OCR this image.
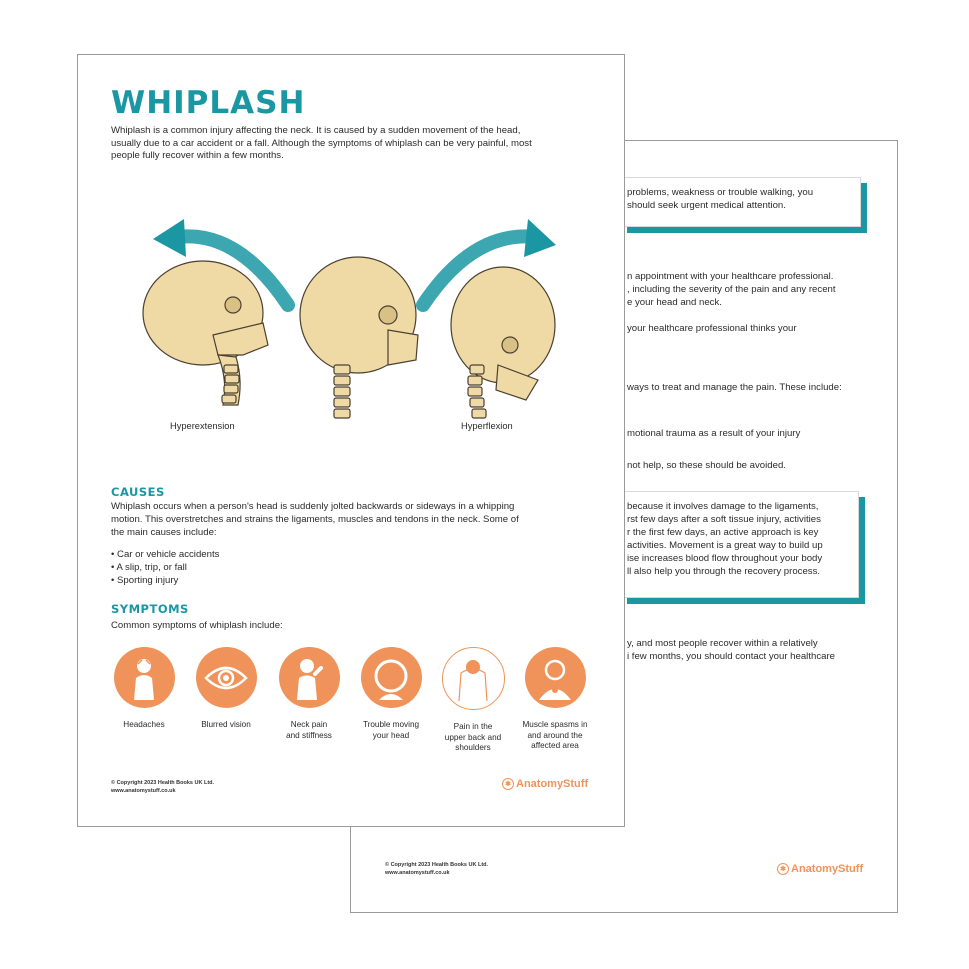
problems, weakness or trouble walking, you
should seek urgent medical attention.
n appointment with your healthcare professional.
, including the severity of the pain and any recent
e your head and neck.
your healthcare professional thinks your
ways to treat and manage the pain. These include:
motional trauma as a result of your injury
not help, so these should be avoided.
because it involves damage to the ligaments,
rst few days after a soft tissue injury, activities
r the first few days, an active approach is key
activities. Movement is a great way to build up
ise increases blood flow throughout your body
ll also help you through the recovery process.
y, and most people recover within a relatively
i few months, you should contact your healthcare
© Copyright 2023 Health Books UK Ltd.
www.anatomystuff.co.uk	✱ AnatomyStuff
WHIPLASH
Whiplash is a common injury affecting the neck. It is caused by a sudden movement of the head,
usually due to a car accident or a fall. Although the symptoms of whiplash can be very painful, most
people fully recover within a few months.
Hyperextension	Hyperflexion
CAUSES
Whiplash occurs when a person's head is suddenly jolted backwards or sideways in a whipping
motion. This overstretches and strains the ligaments, muscles and tendons in the neck. Some of
the main causes include:
• Car or vehicle accidents
• A slip, trip, or fall
• Sporting injury
SYMPTOMS
Common symptoms of whiplash include:
Headaches	Blurred vision	Neck pain
and stiffness
Trouble moving
your head
Pain in the
upper back and
shoulders
Muscle spasms in
and around the
affected area
© Copyright 2023 Health Books UK Ltd.
www.anatomystuff.co.uk
✱ AnatomyStuff
